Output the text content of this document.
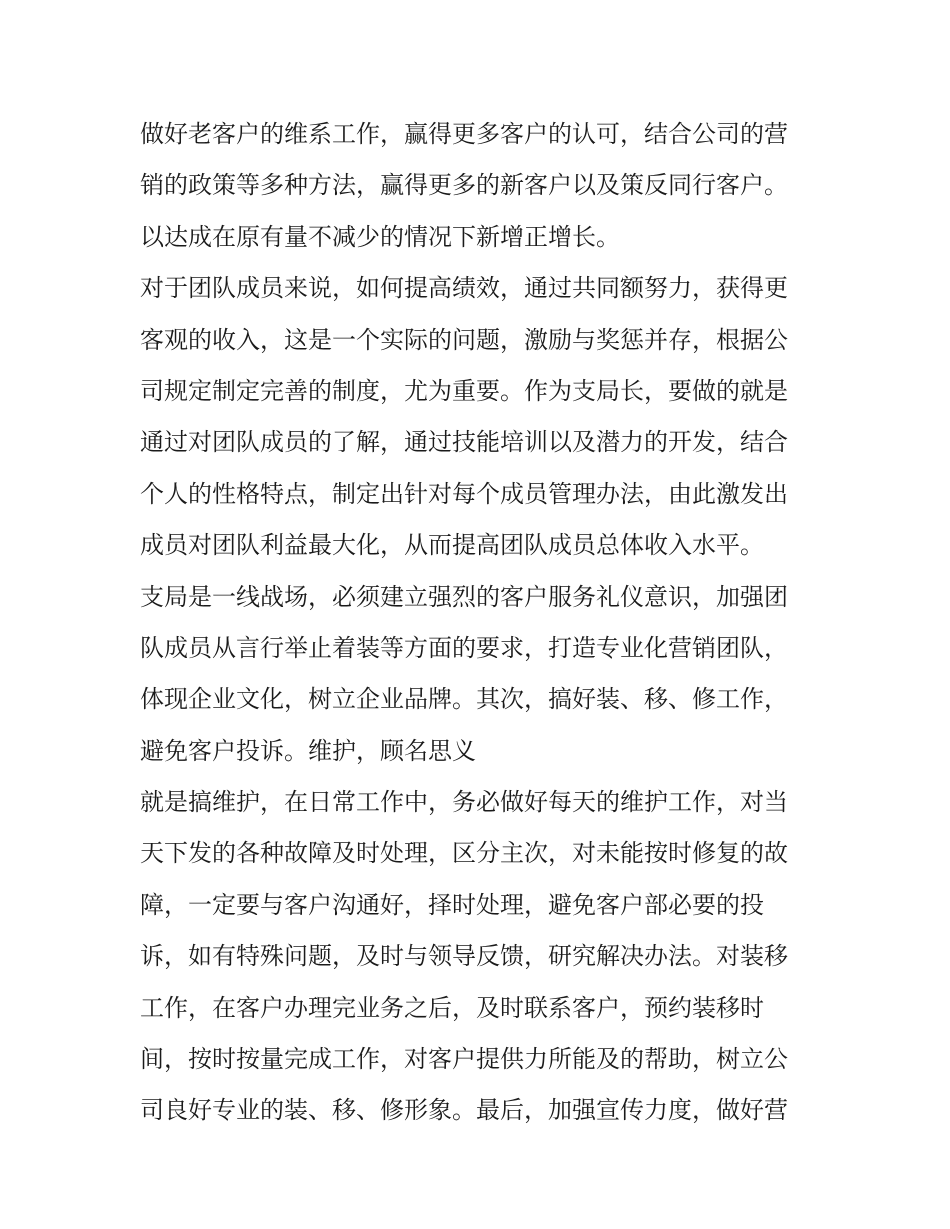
做好老客户的维系工作，赢得更多客户的认可，结合公司的营
销的政策等多种方法，赢得更多的新客户以及策反同行客户。
以达成在原有量不减少的情况下新增正增长。
对于团队成员来说，如何提高绩效，通过共同额努力，获得更
客观的收入，这是一个实际的问题，激励与奖惩并存，根据公
司规定制定完善的制度，尤为重要。作为支局长，要做的就是
通过对团队成员的了解，通过技能培训以及潜力的开发，结合
个人的性格特点，制定出针对每个成员管理办法，由此激发出
成员对团队利益最大化，从而提高团队成员总体收入水平。
支局是一线战场，必须建立强烈的客户服务礼仪意识，加强团
队成员从言行举止着装等方面的要求，打造专业化营销团队，
体现企业文化，树立企业品牌。其次，搞好装、移、修工作，
避免客户投诉。维护，顾名思义
就是搞维护，在日常工作中，务必做好每天的维护工作，对当
天下发的各种故障及时处理，区分主次，对未能按时修复的故
障，一定要与客户沟通好，择时处理，避免客户部必要的投
诉，如有特殊问题，及时与领导反馈，研究解决办法。对装移
工作，在客户办理完业务之后，及时联系客户，预约装移时
间，按时按量完成工作，对客户提供力所能及的帮助，树立公
司良好专业的装、移、修形象。最后，加强宣传力度，做好营
